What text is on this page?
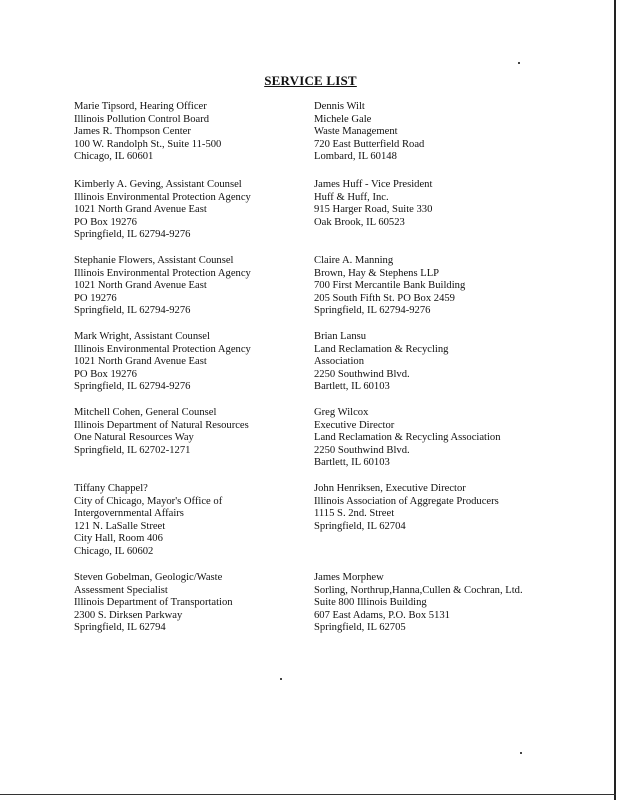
SERVICE LIST
Marie Tipsord, Hearing Officer
Illinois Pollution Control Board
James R. Thompson Center
100 W. Randolph St., Suite 11-500
Chicago, IL 60601
Kimberly A. Geving, Assistant Counsel
Illinois Environmental Protection Agency
1021 North Grand Avenue East
PO Box 19276
Springfield, IL 62794-9276
Stephanie Flowers, Assistant Counsel
Illinois Environmental Protection Agency
1021 North Grand Avenue East
PO 19276
Springfield, IL 62794-9276
Mark Wright, Assistant Counsel
Illinois Environmental Protection Agency
1021 North Grand Avenue East
PO Box 19276
Springfield, IL 62794-9276
Mitchell Cohen, General Counsel
Illinois Department of Natural Resources
One Natural Resources Way
Springfield, IL 62702-1271
Tiffany Chappel?
City of Chicago, Mayor's Office of
Intergovernmental Affairs
121 N. LaSalle Street
City Hall, Room 406
Chicago, IL 60602
Steven Gobelman, Geologic/Waste
Assessment Specialist
Illinois Department of Transportation
2300 S. Dirksen Parkway
Springfield, IL 62794
Dennis Wilt
Michele Gale
Waste Management
720 East Butterfield Road
Lombard, IL 60148
James Huff - Vice President
Huff & Huff, Inc.
915 Harger Road, Suite 330
Oak Brook, IL 60523
Claire A. Manning
Brown, Hay & Stephens LLP
700 First Mercantile Bank Building
205 South Fifth St. PO Box 2459
Springfield, IL 62794-9276
Brian Lansu
Land Reclamation & Recycling
Association
2250 Southwind Blvd.
Bartlett, IL 60103
Greg Wilcox
Executive Director
Land Reclamation & Recycling Association
2250 Southwind Blvd.
Bartlett, IL 60103
John Henriksen, Executive Director
Illinois Association of Aggregate Producers
1115 S. 2nd. Street
Springfield, IL 62704
James Morphew
Sorling, Northrup,Hanna,Cullen & Cochran, Ltd.
Suite 800 Illinois Building
607 East Adams, P.O. Box 5131
Springfield, IL 62705
